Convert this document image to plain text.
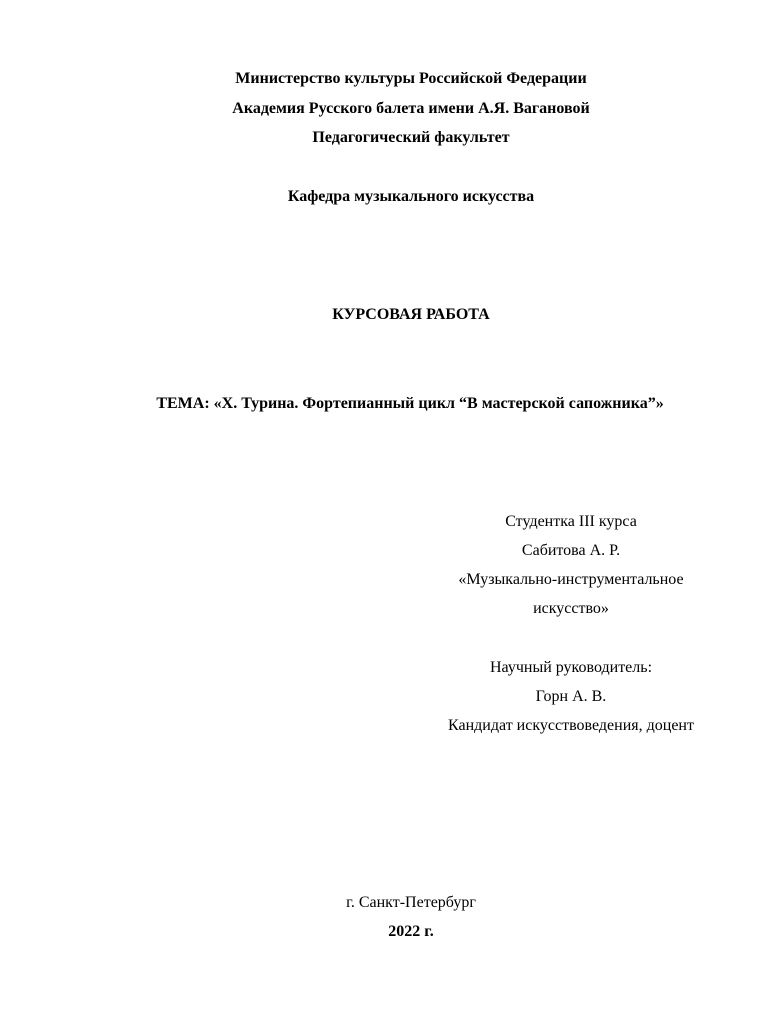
Министерство культуры Российской Федерации
Академия Русского балета имени А.Я. Вагановой
Педагогический факультет
Кафедра музыкального искусства
КУРСОВАЯ РАБОТА
ТЕМА: «Х. Турина. Фортепианный цикл “В мастерской сапожника”»
Студентка III курса
Сабитова А. Р.
«Музыкально-инструментальное
искусство»
Научный руководитель:
Горн А. В.
Кандидат искусствоведения, доцент
г. Санкт-Петербург
2022 г.
